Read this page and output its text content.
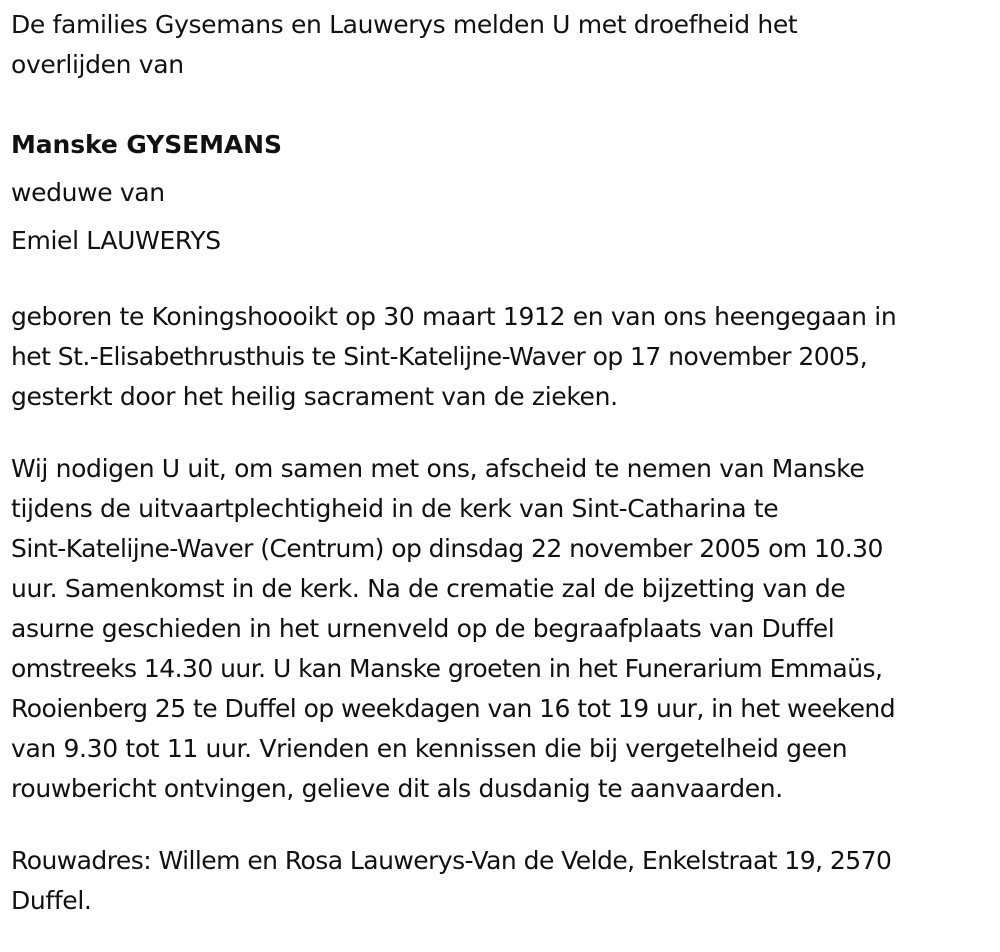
De families Gysemans en Lauwerys melden U met droefheid het
overlijden van
Manske GYSEMANS
weduwe van
Emiel LAUWERYS
geboren te Koningshoooikt op 30 maart 1912 en van ons heengegaan in
het St.-Elisabethrusthuis te Sint-Katelijne-Waver op 17 november 2005,
gesterkt door het heilig sacrament van de zieken.
Wij nodigen U uit, om samen met ons, afscheid te nemen van Manske
tijdens de uitvaartplechtigheid in de kerk van Sint-Catharina te
Sint-Katelijne-Waver (Centrum) op dinsdag 22 november 2005 om 10.30
uur. Samenkomst in de kerk. Na de crematie zal de bijzetting van de
asurne geschieden in het urnenveld op de begraafplaats van Duffel
omstreeks 14.30 uur. U kan Manske groeten in het Funerarium Emmaüs,
Rooienberg 25 te Duffel op weekdagen van 16 tot 19 uur, in het weekend
van 9.30 tot 11 uur. Vrienden en kennissen die bij vergetelheid geen
rouwbericht ontvingen, gelieve dit als dusdanig te aanvaarden.
Rouwadres: Willem en Rosa Lauwerys-Van de Velde, Enkelstraat 19, 2570
Duffel.
